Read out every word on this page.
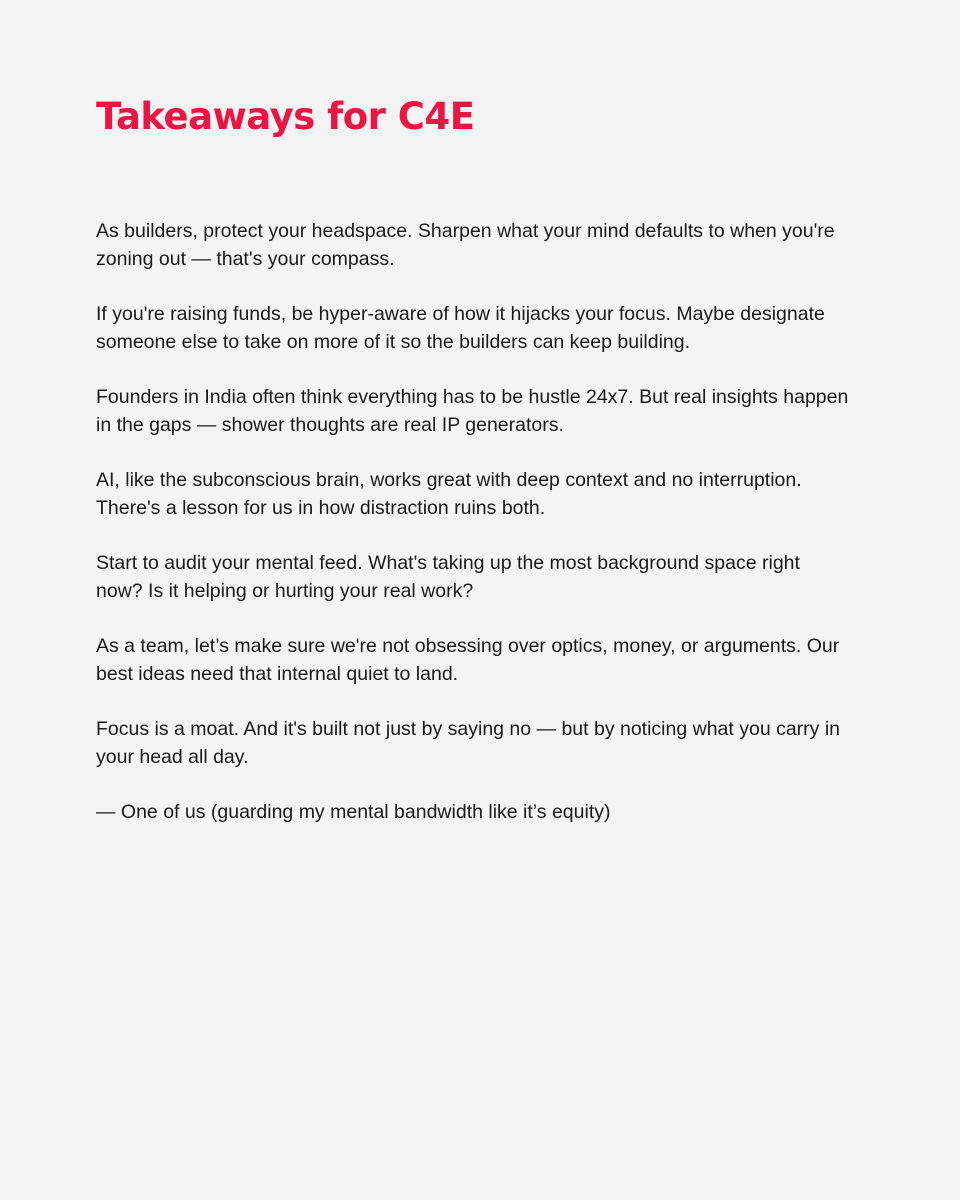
Takeaways for C4E

As builders, protect your headspace. Sharpen what your mind defaults to when you're
zoning out — that's your compass.

If you're raising funds, be hyper-aware of how it hijacks your focus. Maybe designate
someone else to take on more of it so the builders can keep building.

Founders in India often think everything has to be hustle 24x7. But real insights happen
in the gaps — shower thoughts are real IP generators.

AI, like the subconscious brain, works great with deep context and no interruption.
There's a lesson for us in how distraction ruins both.

Start to audit your mental feed. What's taking up the most background space right
now? Is it helping or hurting your real work?

As a team, let’s make sure we're not obsessing over optics, money, or arguments. Our
best ideas need that internal quiet to land.

Focus is a moat. And it's built not just by saying no — but by noticing what you carry in
your head all day.

— One of us (guarding my mental bandwidth like it’s equity)
